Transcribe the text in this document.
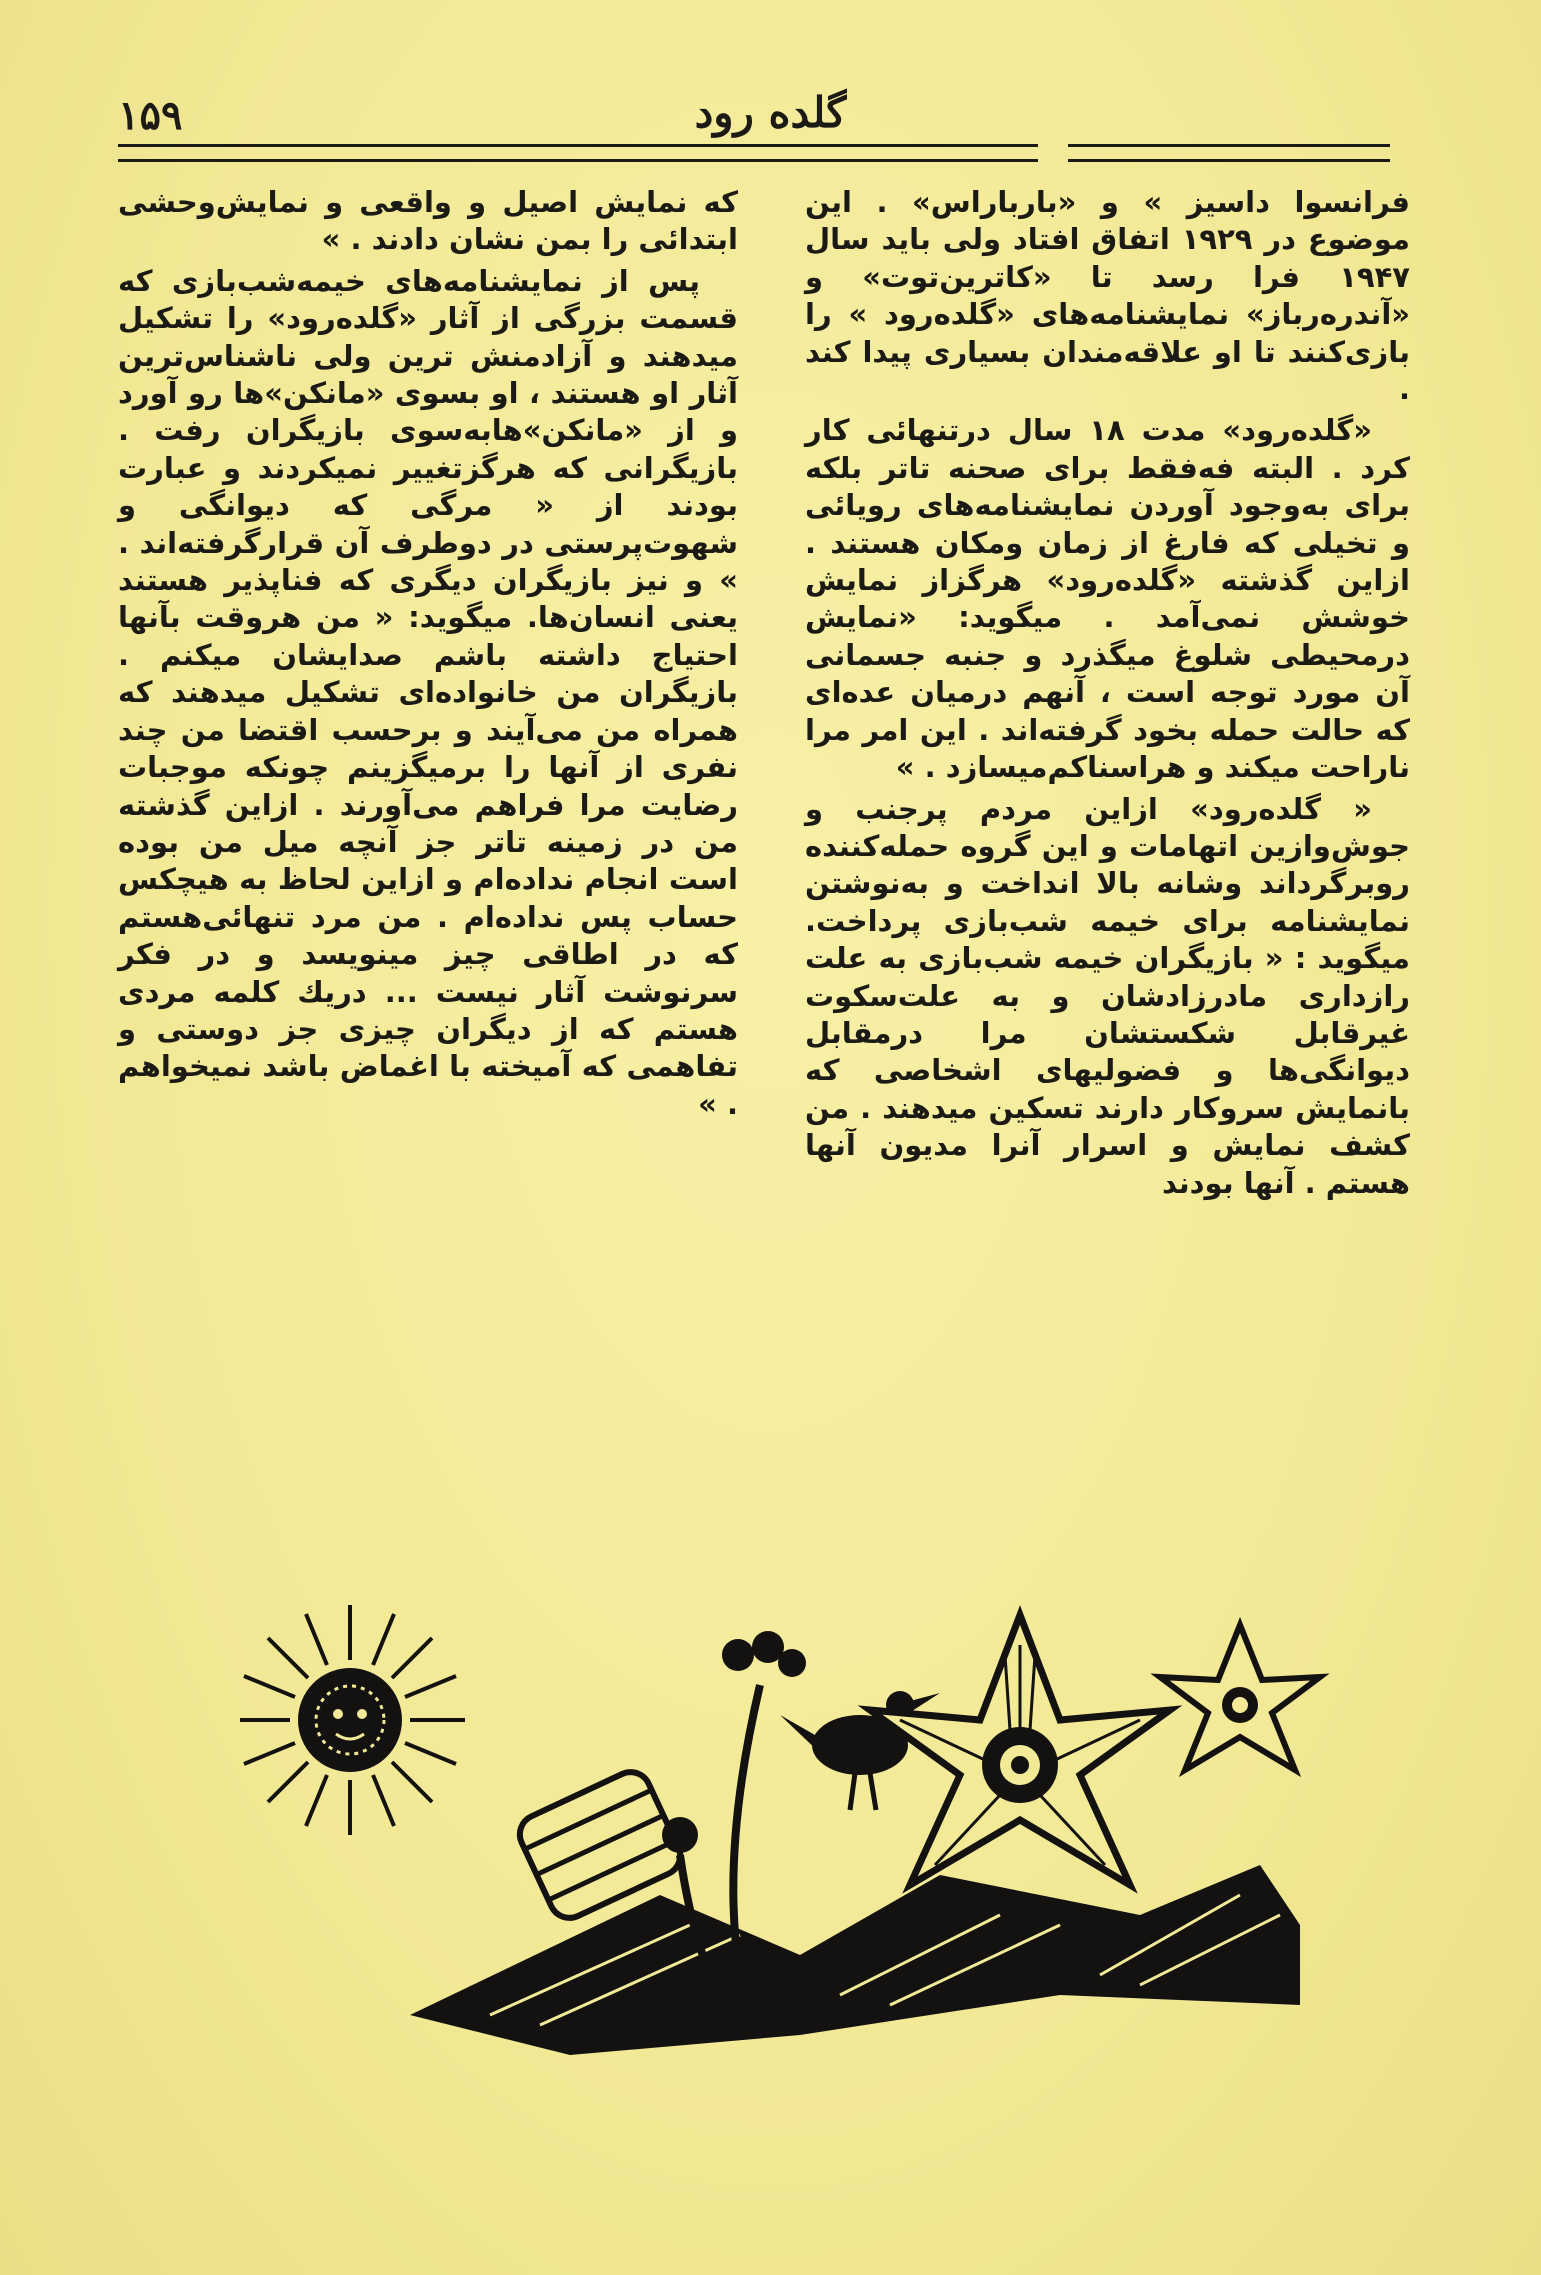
۱۵۹	گلده رود

فرانسوا داسیز » و «بارباراس» . این موضوع در ۱۹۲۹ اتفاق افتاد ولی باید سال ۱۹۴۷ فرا رسد تا «کاترین‌توت» و «آندره‌رباز» نمایشنامه‌های «گلده‌رود » را بازی‌کنند تا او علاقه‌مندان بسیاری پیدا کند .

«گلده‌رود» مدت ۱۸ سال درتنهائی کار کرد . البته فه‌فقط برای صحنه تاتر بلکه برای به‌وجود آوردن نمایشنامه‌های رویائی و تخیلی که فارغ از زمان ومکان هستند . ازاین گذشته «گلده‌رود» هرگزاز نمایش خوشش نمی‌آمد . میگوید: «نمایش درمحیطی شلوغ میگذرد و جنبه جسمانی آن مورد توجه است ، آنهم درمیان عده‌ای که حالت حمله بخود گرفته‌اند . این امر مرا ناراحت میکند و هراسناکم‌میسازد . »

« گلده‌رود» ازاین مردم پرجنب و جوش‌وازین اتهامات و این گروه حمله‌کننده روبرگرداند وشانه بالا انداخت و به‌نوشتن نمایشنامه برای خیمه شب‌بازی پرداخت. میگوید : « بازیگران خیمه شب‌بازی به علت رازداری مادرزادشان و به علت‌سکوت غیرقابل شکستشان مرا درمقابل دیوانگی‌ها و فضولیهای اشخاصی که بانمایش سروکار دارند تسکین میدهند . من کشف نمایش و اسرار آنرا مدیون آنها هستم . آنها بودند

که نمایش اصیل و واقعی و نمایش‌وحشی ابتدائی را بمن نشان دادند . »

پس از نمایشنامه‌های خیمه‌شب‌بازی که قسمت بزرگی از آثار «گلده‌رود» را تشکیل میدهند و آزادمنش ترین ولی ناشناس‌ترین آثار او هستند ، او بسوی «مانکن»ها رو آورد و از «مانکن»هابه‌سوی بازیگران رفت . بازیگرانی که هرگزتغییر نمیکردند و عبارت بودند از « مرگی که دیوانگی و شهوت‌پرستی در دوطرف آن قرارگرفته‌اند . » و نیز بازیگران دیگری که فناپذیر هستند یعنی انسان‌ها. میگوید: « من هروقت بآنها احتیاج داشته باشم صدایشان میکنم . بازیگران من خانواده‌ای تشکیل میدهند که همراه من می‌آیند و برحسب اقتضا من چند نفری از آنها را برمیگزینم چونکه موجبات رضایت مرا فراهم می‌آورند . ازاین گذشته من در زمینه تاتر جز آنچه میل من بوده است انجام نداده‌ام و ازاین لحاظ به هیچکس حساب پس نداده‌ام . من مرد تنهائی‌هستم که در اطاقی چیز مینویسد و در فکر سرنوشت آثار نیست ... دریك کلمه مردی هستم که از دیگران چیزی جز دوستی و تفاهمی که آمیخته با اغماض باشد نمیخواهم . »
